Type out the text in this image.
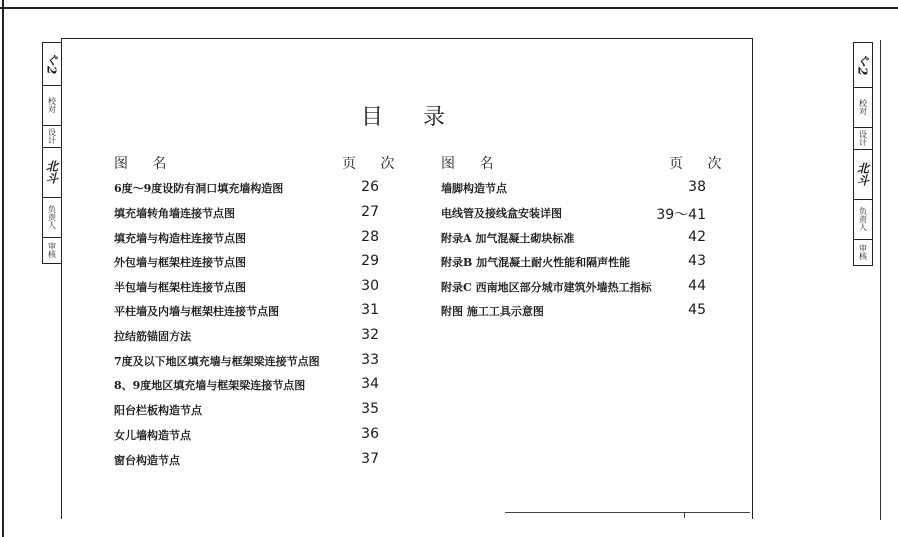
ぐ2
校对
设计
北斗
负责人
审核
目 录
图 名	页 次	图 名	页 次
6度～9度设防有洞口填充墙构造图	26
填充墙转角墙连接节点图	27
填充墙与构造柱连接节点图	28
外包墙与框架柱连接节点图	29
半包墙与框架柱连接节点图	30
平柱墙及内墙与框架柱连接节点图	31
拉结筋锚固方法	32
7度及以下地区填充墙与框架梁连接节点图	33
8、9度地区填充墙与框架梁连接节点图	34
阳台栏板构造节点	35
女儿墙构造节点	36
窗台构造节点	37
墙脚构造节点	38
电线管及接线盒安装详图	39～41
附录A 加气混凝土砌块标准	42
附录B 加气混凝土耐火性能和隔声性能	43
附录C 西南地区部分城市建筑外墙热工指标	44
附图 施工工具示意图	45
ぐ2
校对
设计
北斗
负责人
审核
